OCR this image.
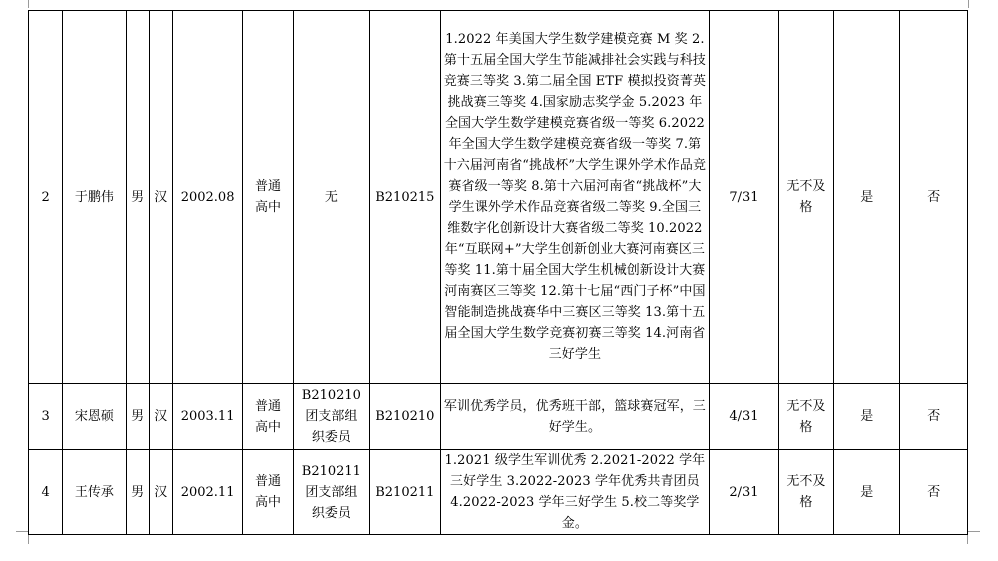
2	于鹏伟	男	汉	2002.08	普通高中	无	B210215	1.2022 年美国大学生数学建模竞赛 M 奖 2.第十五届全国大学生节能减排社会实践与科技竞赛三等奖 3.第二届全国 ETF 模拟投资菁英挑战赛三等奖 4.国家励志奖学金 5.2023 年全国大学生数学建模竞赛省级一等奖 6.2022 年全国大学生数学建模竞赛省级一等奖 7.第十六届河南省“挑战杯”大学生课外学术作品竞赛省级一等奖 8.第十六届河南省“挑战杯”大学生课外学术作品竞赛省级二等奖 9.全国三维数字化创新设计大赛省级二等奖 10.2022 年“互联网+”大学生创新创业大赛河南赛区三等奖 11.第十届全国大学生机械创新设计大赛河南赛区三等奖 12.第十七届“西门子杯”中国智能制造挑战赛华中三赛区三等奖 13.第十五届全国大学生数学竞赛初赛三等奖 14.河南省三好学生	7/31	无不及格	是	否
3	宋恩硕	男	汉	2003.11	普通高中	B210210 团支部组织委员	B210210	军训优秀学员，优秀班干部，篮球赛冠军，三好学生。	4/31	无不及格	是	否
4	王传承	男	汉	2002.11	普通高中	B210211 团支部组织委员	B210211	1.2021 级学生军训优秀 2.2021-2022 学年三好学生 3.2022-2023 学年优秀共青团员 4.2022-2023 学年三好学生 5.校二等奖学金。	2/31	无不及格	是	否
